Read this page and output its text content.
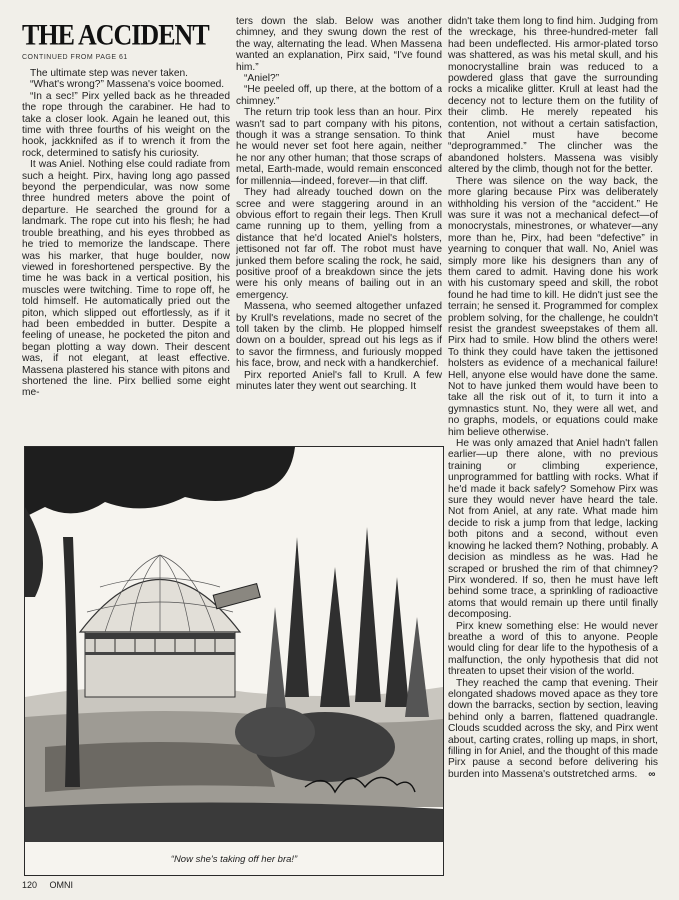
THE ACCIDENT
CONTINUED FROM PAGE 61

The ultimate step was never taken.

“What's wrong?” Massena's voice boomed.

“In a sec!” Pirx yelled back as he threaded the rope through the carabiner. He had to take a closer look. Again he leaned out, this time with three fourths of his weight on the hook, jackknifed as if to wrench it from the rock, determined to satisfy his curiosity.

It was Aniel. Nothing else could radiate from such a height. Pirx, having long ago passed beyond the perpendicular, was now some three hundred meters above the point of departure. He searched the ground for a landmark. The rope cut into his flesh; he had trouble breathing, and his eyes throbbed as he tried to memorize the landscape. There was his marker, that huge boulder, now viewed in foreshortened perspective. By the time he was back in a vertical position, his muscles were twitching. Time to rope off, he told himself. He automatically pried out the piton, which slipped out effortlessly, as if it had been embedded in butter. Despite a feeling of unease, he pocketed the piton and began plotting a way down. Their descent was, if not elegant, at least effective. Massena plastered his stance with pitons and shortened the line. Pirx bellied some eight me-

ters down the slab. Below was another chimney, and they swung down the rest of the way, alternating the lead. When Massena wanted an explanation, Pirx said, “I've found him.”

“Aniel?”

“He peeled off, up there, at the bottom of a chimney.”

The return trip took less than an hour. Pirx wasn't sad to part company with his pitons, though it was a strange sensation. To think he would never set foot here again, neither he nor any other human; that those scraps of metal, Earth-made, would remain ensconced for millennia—indeed, forever—in that cliff.

They had already touched down on the scree and were staggering around in an obvious effort to regain their legs. Then Krull came running up to them, yelling from a distance that he'd located Aniel's holsters, jettisoned not far off. The robot must have junked them before scaling the rock, he said, positive proof of a breakdown since the jets were his only means of bailing out in an emergency.

Massena, who seemed altogether unfazed by Krull's revelations, made no secret of the toll taken by the climb. He plopped himself down on a boulder, spread out his legs as if to savor the firmness, and furiously mopped his face, brow, and neck with a handkerchief.

Pirx reported Aniel's fall to Krull. A few minutes later they went out searching. It

didn't take them long to find him. Judging from the wreckage, his three-hundred-meter fall had been undeflected. His armor-plated torso was shattered, as was his metal skull, and his monocrystalline brain was reduced to a powdered glass that gave the surrounding rocks a micalike glitter. Krull at least had the decency not to lecture them on the futility of their climb. He merely repeated his contention, not without a certain satisfaction, that Aniel must have become “deprogrammed.” The clincher was the abandoned holsters. Massena was visibly altered by the climb, though not for the better.

There was silence on the way back, the more glaring because Pirx was deliberately withholding his version of the “accident.” He was sure it was not a mechanical defect—of monocrystals, minestrones, or whatever—any more than he, Pirx, had been “defective” in yearning to conquer that wall. No, Aniel was simply more like his designers than any of them cared to admit. Having done his work with his customary speed and skill, the robot found he had time to kill. He didn't just see the terrain; he sensed it. Programmed for complex problem solving, for the challenge, he couldn't resist the grandest sweepstakes of them all. Pirx had to smile. How blind the others were! To think they could have taken the jettisoned holsters as evidence of a mechanical failure! Hell, anyone else would have done the same. Not to have junked them would have been to take all the risk out of it, to turn it into a gymnastics stunt. No, they were all wet, and no graphs, models, or equations could make him believe otherwise.

He was only amazed that Aniel hadn't fallen earlier—up there alone, with no previous training or climbing experience, unprogrammed for battling with rocks. What if he'd made it back safely? Somehow Pirx was sure they would never have heard the tale. Not from Aniel, at any rate. What made him decide to risk a jump from that ledge, lacking both pitons and a second, without even knowing he lacked them? Nothing, probably. A decision as mindless as he was. Had he scraped or brushed the rim of that chimney? Pirx wondered. If so, then he must have left behind some trace, a sprinkling of radioactive atoms that would remain up there until finally decomposing.

Pirx knew something else: He would never breathe a word of this to anyone. People would cling for dear life to the hypothesis of a malfunction, the only hypothesis that did not threaten to upset their vision of the world.

They reached the camp that evening. Their elongated shadows moved apace as they tore down the barracks, section by section, leaving behind only a barren, flattened quadrangle. Clouds scudded across the sky, and Pirx went about, carting crates, rolling up maps, in short, filling in for Aniel, and the thought of this made Pirx pause a second before delivering his burden into Massena's outstretched arms. ∞

“Now she's taking off her bra!”
120 OMNI
